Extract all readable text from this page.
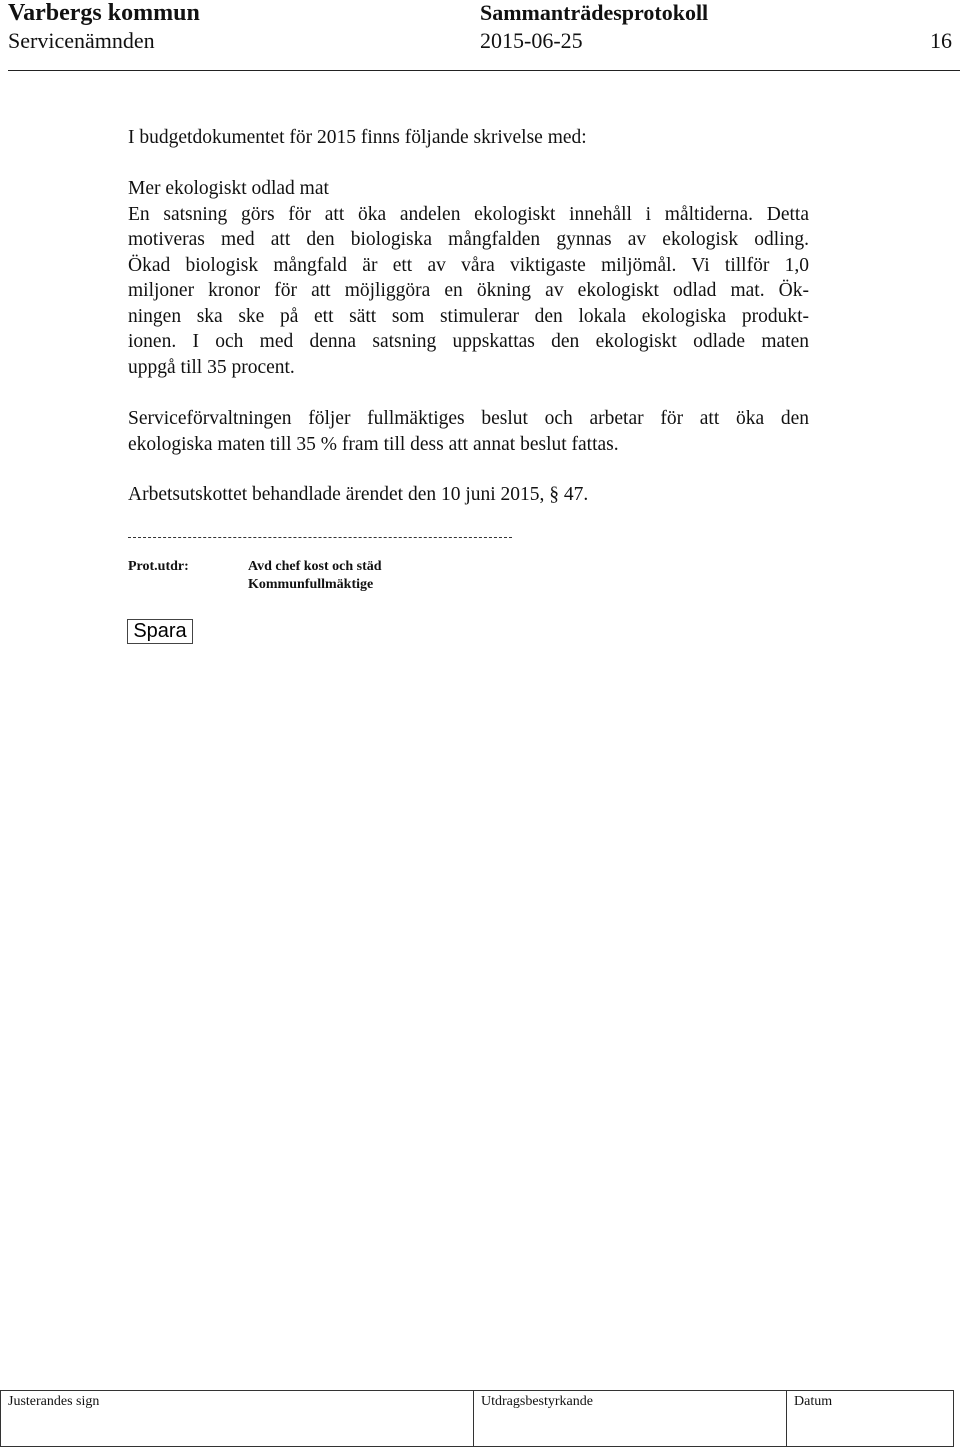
Varbergs kommun	Sammanträdesprotokoll
Servicenämnden	2015-06-25	16
I budgetdokumentet för 2015 finns följande skrivelse med:
Mer ekologiskt odlad mat
En satsning görs för att öka andelen ekologiskt innehåll i måltiderna. Detta
motiveras med att den biologiska mångfalden gynnas av ekologisk odling.
Ökad biologisk mångfald är ett av våra viktigaste miljömål. Vi tillför 1,0
miljoner kronor för att möjliggöra en ökning av ekologiskt odlad mat. Ök-
ningen ska ske på ett sätt som stimulerar den lokala ekologiska produkt-
ionen. I och med denna satsning uppskattas den ekologiskt odlade maten
uppgå till 35 procent.
Serviceförvaltningen följer fullmäktiges beslut och arbetar för att öka den
ekologiska maten till 35 % fram till dess att annat beslut fattas.
Arbetsutskottet behandlade ärendet den 10 juni 2015, § 47.
Prot.utdr:	Avd chef kost och städ
Kommunfullmäktige
Spara
Justerandes sign	Utdragsbestyrkande	Datum
